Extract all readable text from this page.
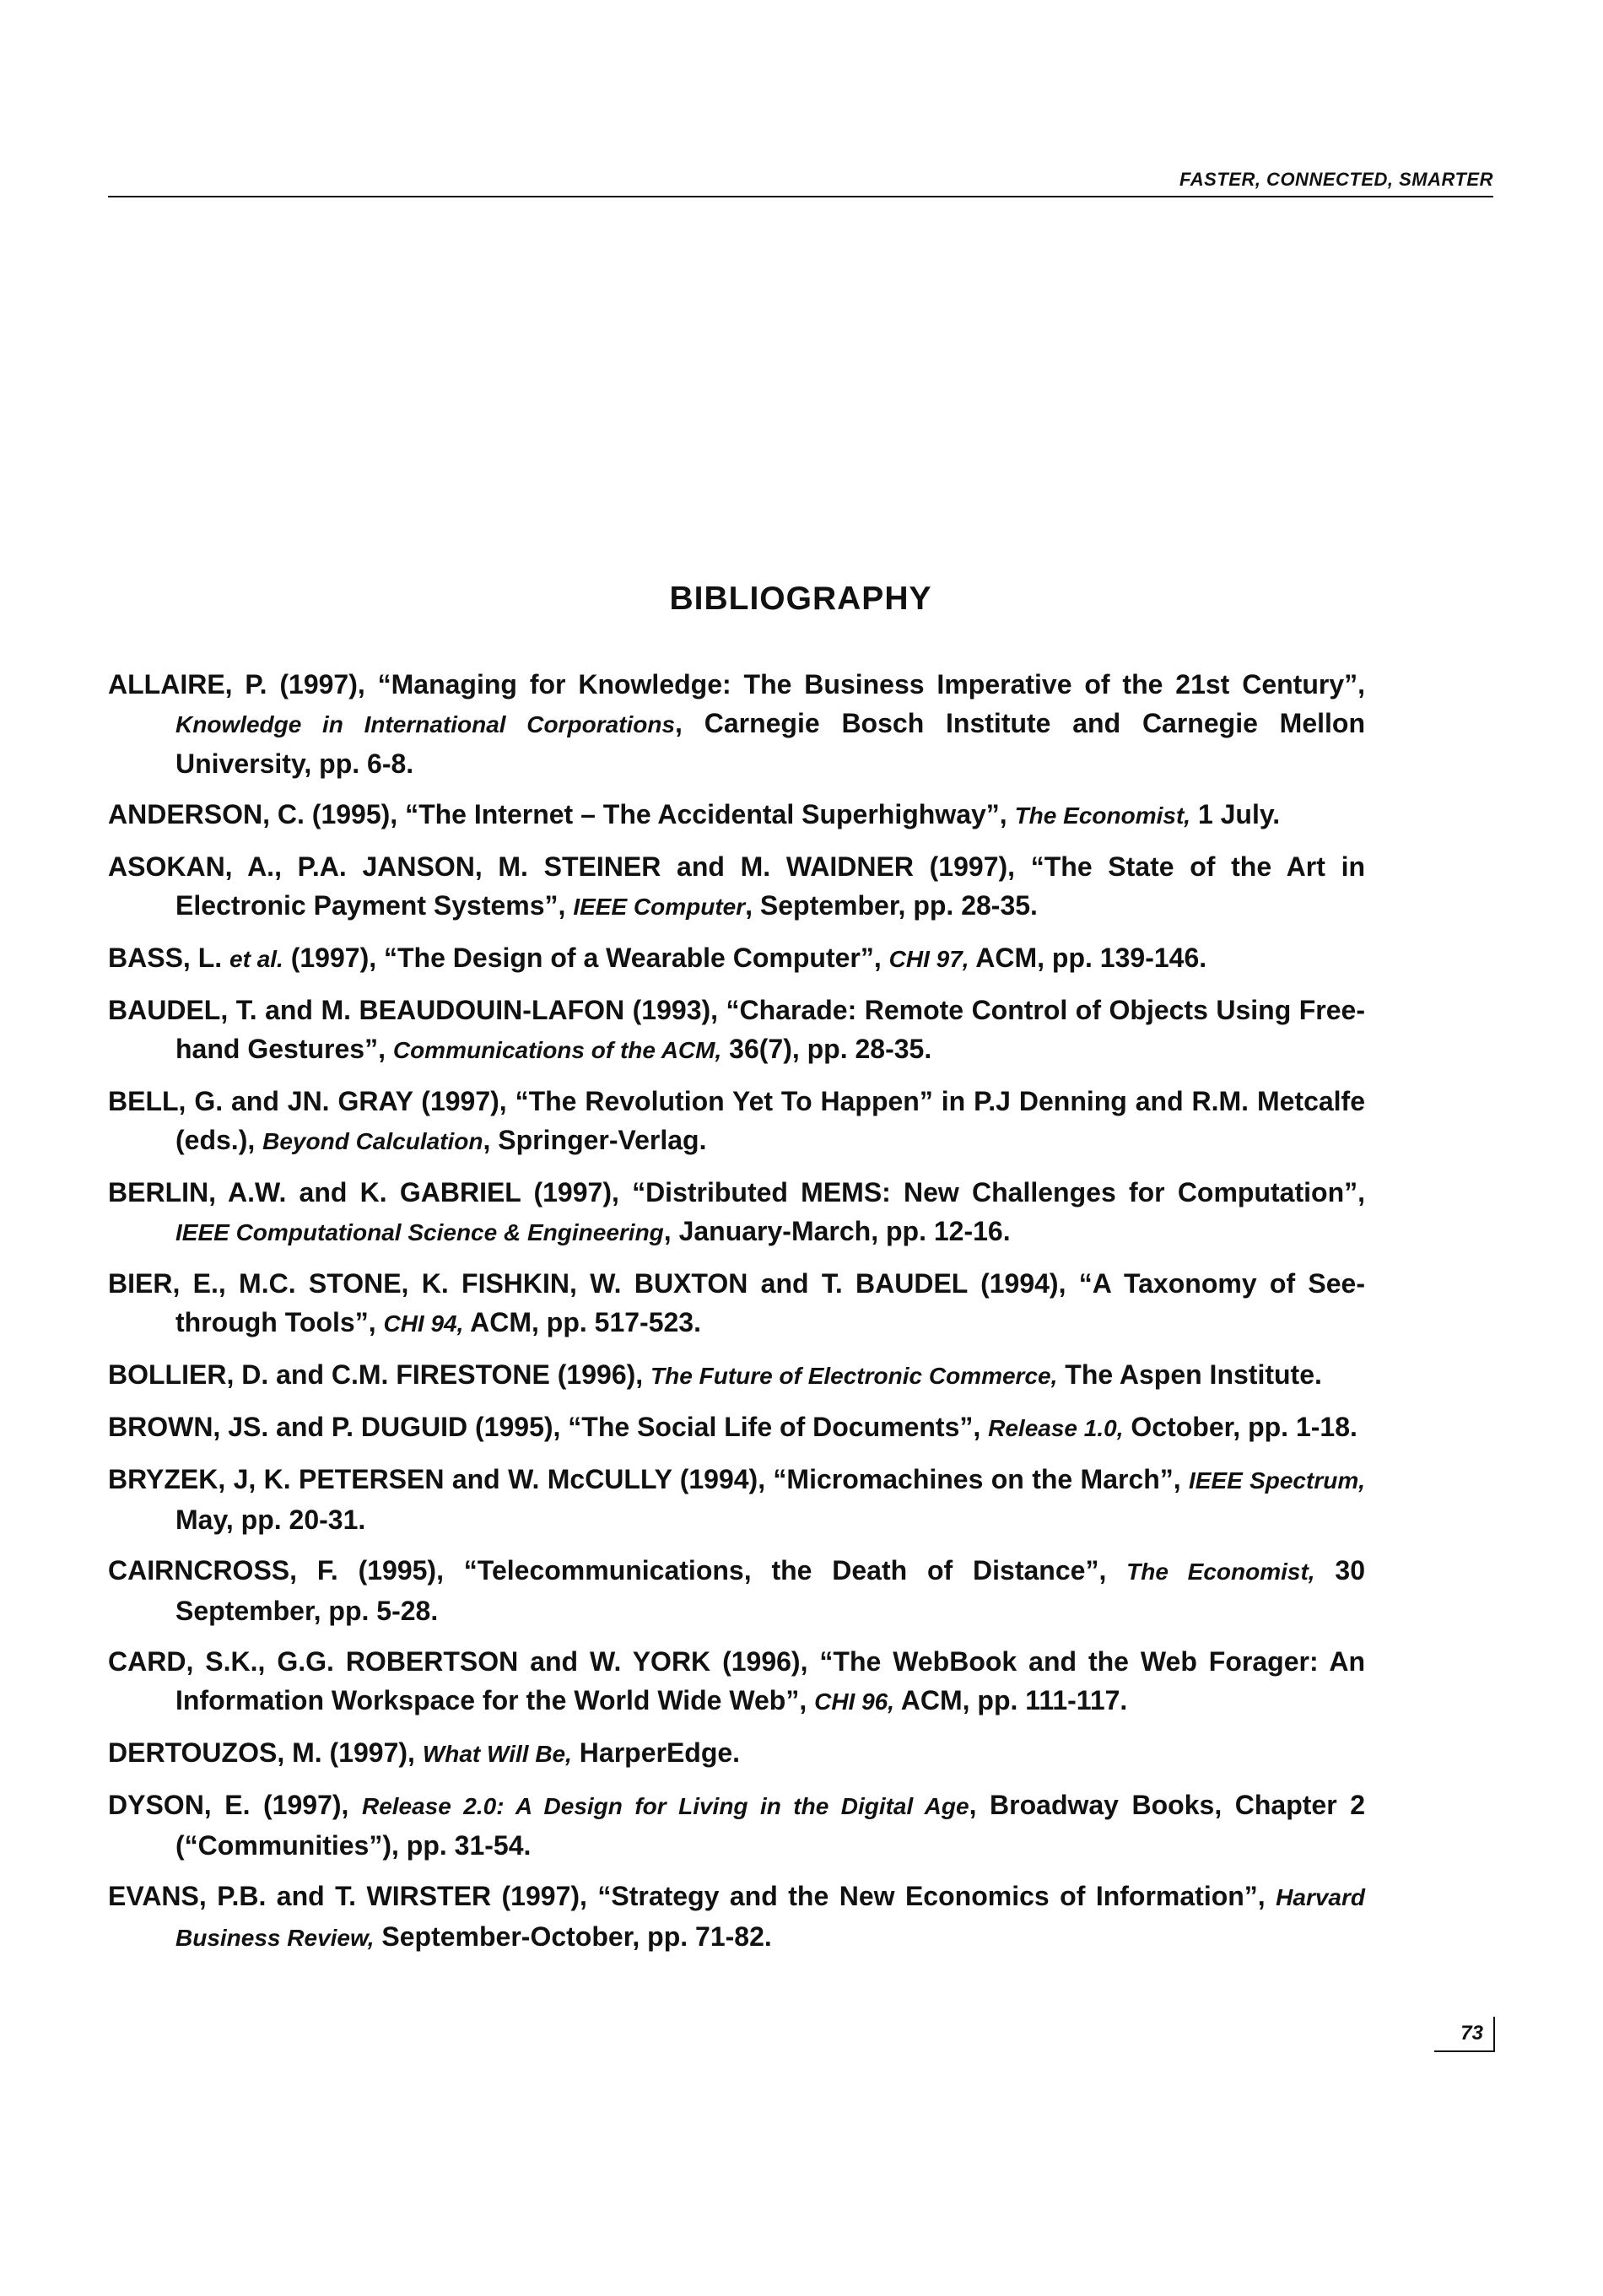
FASTER, CONNECTED, SMARTER
BIBLIOGRAPHY
ALLAIRE, P. (1997), “Managing for Knowledge: The Business Imperative of the 21st Century”, Knowledge in International Corporations, Carnegie Bosch Institute and Carnegie Mellon University, pp. 6-8.
ANDERSON, C. (1995), “The Internet – The Accidental Superhighway”, The Economist, 1 July.
ASOKAN, A., P.A. JANSON, M. STEINER and M. WAIDNER (1997), “The State of the Art in Electronic Payment Systems”, IEEE Computer, September, pp. 28-35.
BASS, L. et al. (1997), “The Design of a Wearable Computer”, CHI 97, ACM, pp. 139-146.
BAUDEL, T. and M. BEAUDOUIN-LAFON (1993), “Charade: Remote Control of Objects Using Free-hand Gestures”, Communications of the ACM, 36(7), pp. 28-35.
BELL, G. and JN. GRAY (1997), “The Revolution Yet To Happen” in P.J Denning and R.M. Metcalfe (eds.), Beyond Calculation, Springer-Verlag.
BERLIN, A.W. and K. GABRIEL (1997), “Distributed MEMS: New Challenges for Computation”, IEEE Computational Science & Engineering, January-March, pp. 12-16.
BIER, E., M.C. STONE, K. FISHKIN, W. BUXTON and T. BAUDEL (1994), “A Taxonomy of See-through Tools”, CHI 94, ACM, pp. 517-523.
BOLLIER, D. and C.M. FIRESTONE (1996), The Future of Electronic Commerce, The Aspen Institute.
BROWN, JS. and P. DUGUID (1995), “The Social Life of Documents”, Release 1.0, October, pp. 1-18.
BRYZEK, J, K. PETERSEN and W. McCULLY (1994), “Micromachines on the March”, IEEE Spectrum, May, pp. 20-31.
CAIRNCROSS, F. (1995), “Telecommunications, the Death of Distance”, The Economist, 30 September, pp. 5-28.
CARD, S.K., G.G. ROBERTSON and W. YORK (1996), “The WebBook and the Web Forager: An Information Workspace for the World Wide Web”, CHI 96, ACM, pp. 111-117.
DERTOUZOS, M. (1997), What Will Be, HarperEdge.
DYSON, E. (1997), Release 2.0: A Design for Living in the Digital Age, Broadway Books, Chapter 2 (“Communities”), pp. 31-54.
EVANS, P.B. and T. WIRSTER (1997), “Strategy and the New Economics of Information”, Harvard Business Review, September-October, pp. 71-82.
73
